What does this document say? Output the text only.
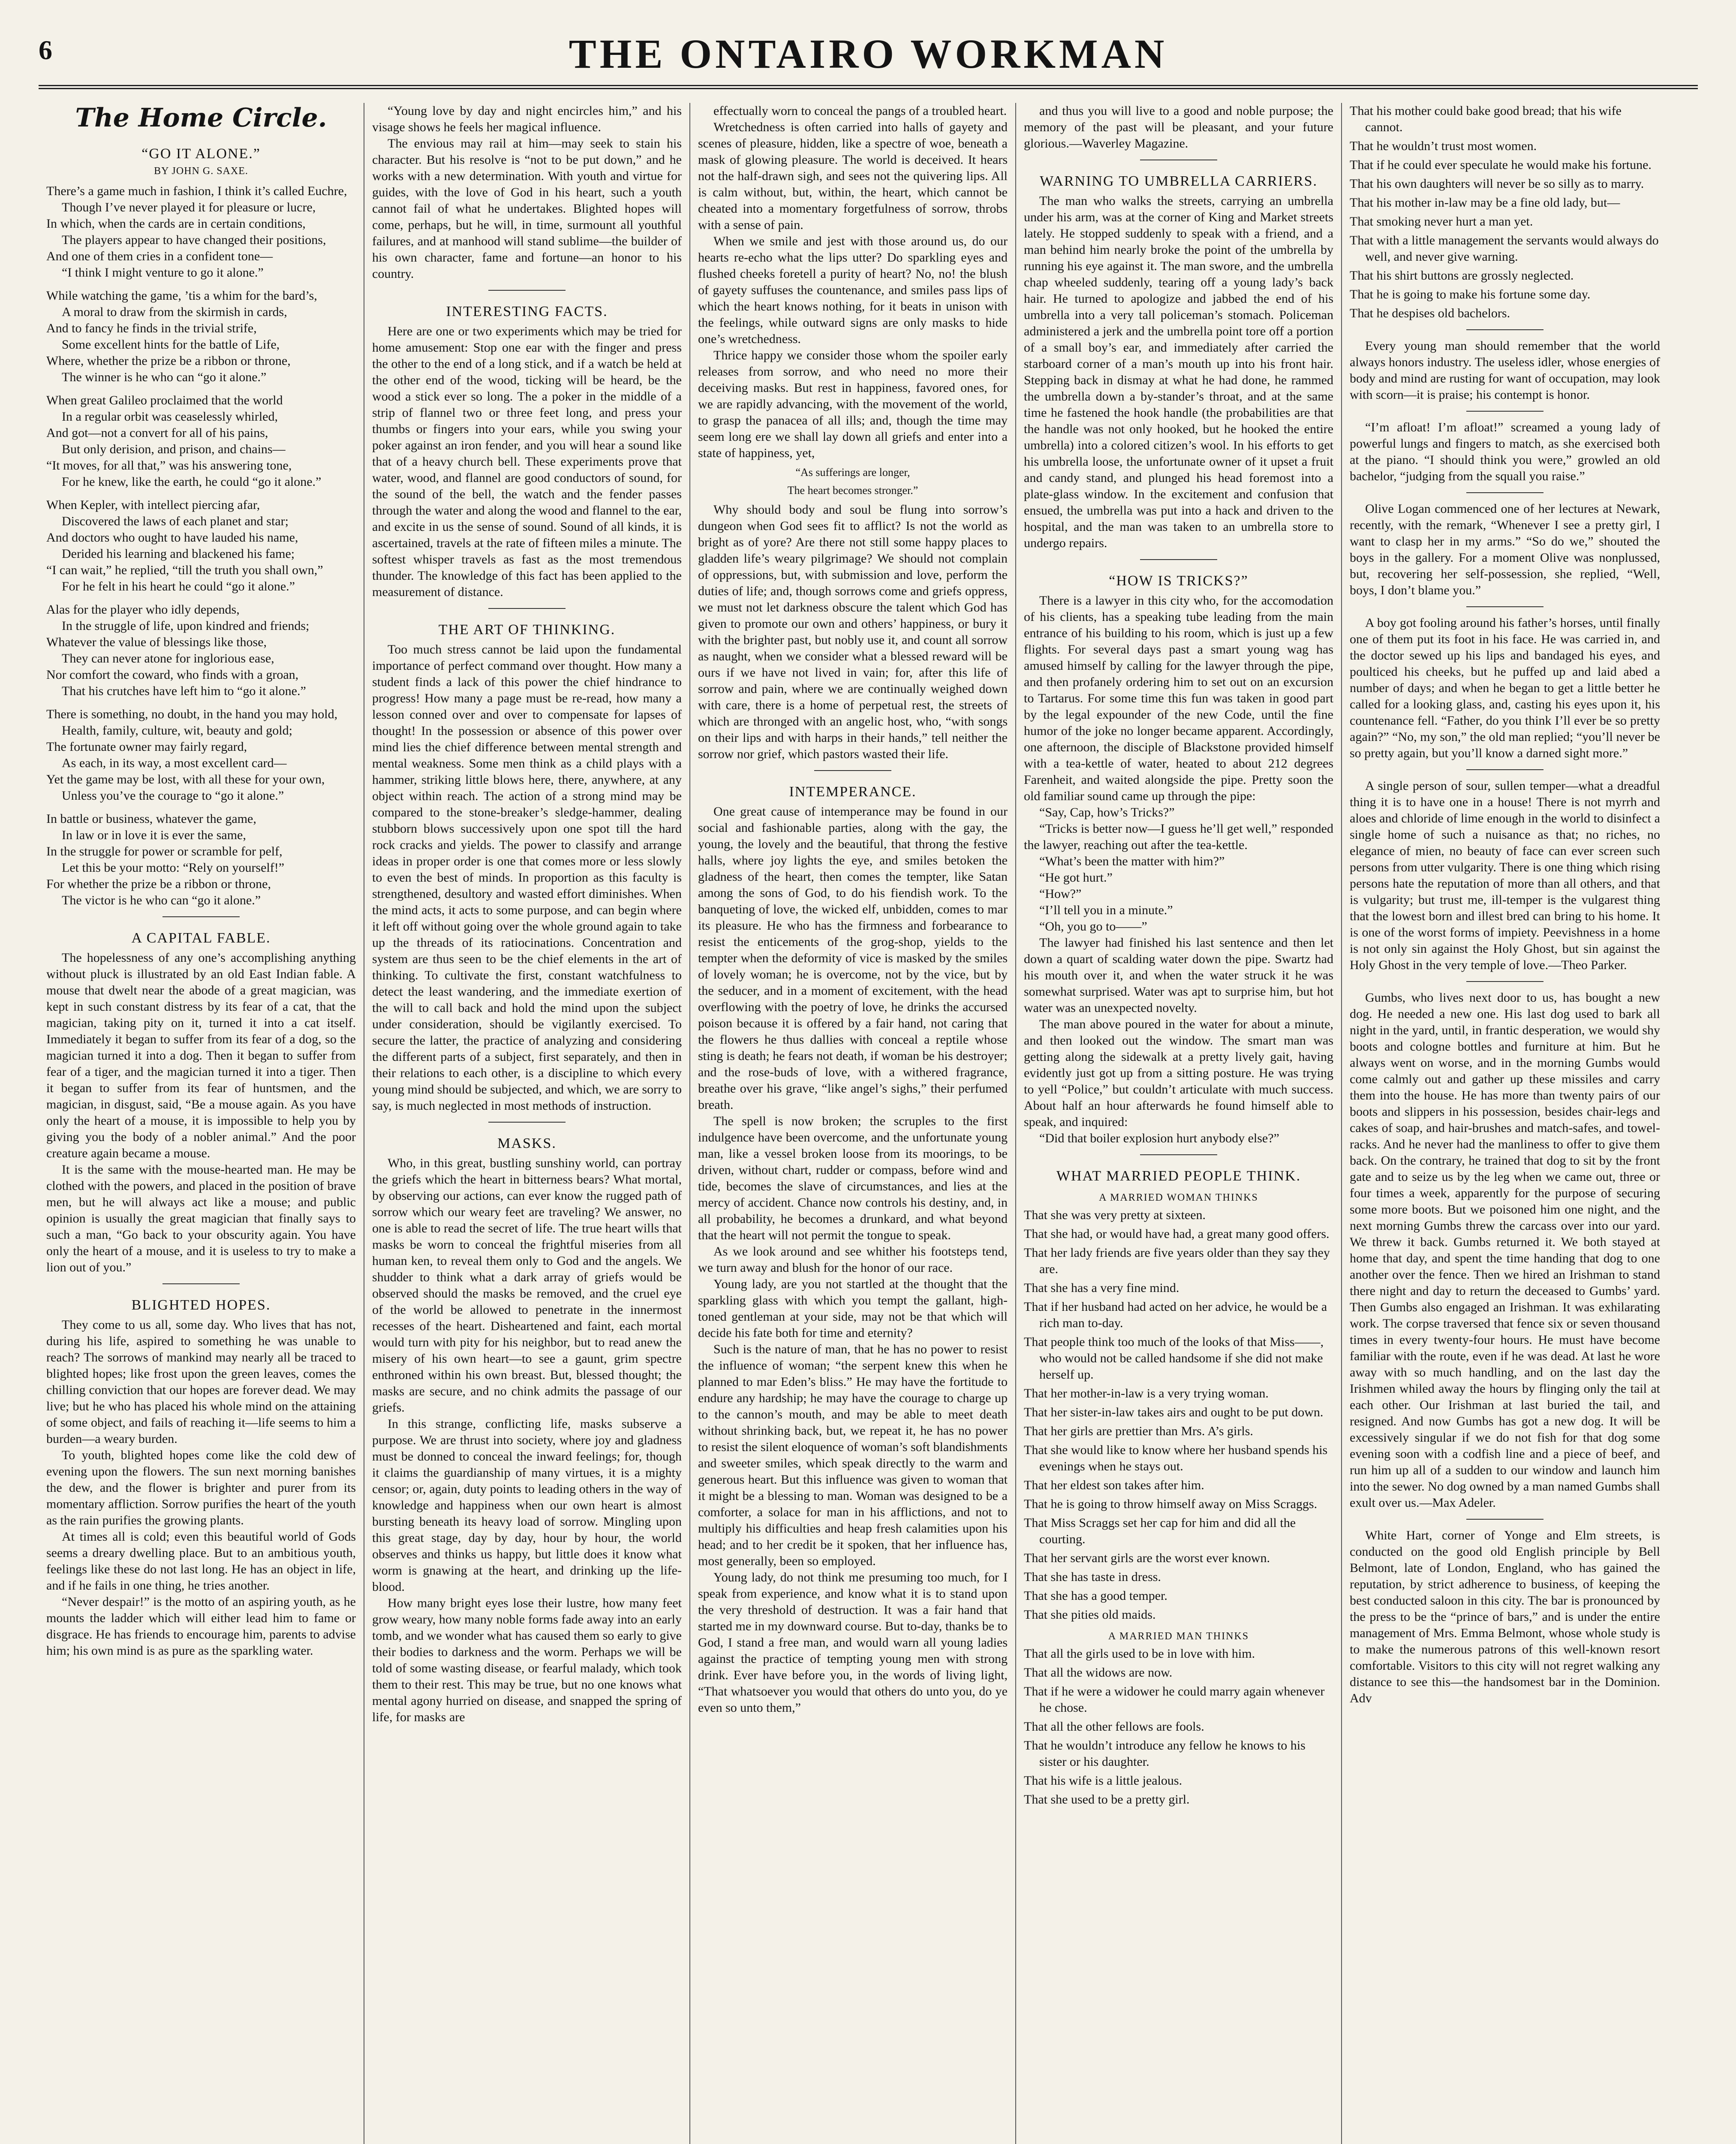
6	THE ONTAIRO WORKMAN
The Home Circle.
“GO IT ALONE.”
BY JOHN G. SAXE.

There’s a game much in fashion, I think it’s called Euchre,

Though I’ve never played it for pleasure or lucre,

In which, when the cards are in certain conditions,

The players appear to have changed their positions,

And one of them cries in a confident tone—

“I think I might venture to go it alone.”

While watching the game, ’tis a whim for the bard’s,

A moral to draw from the skirmish in cards,

And to fancy he finds in the trivial strife,

Some excellent hints for the battle of Life,

Where, whether the prize be a ribbon or throne,

The winner is he who can “go it alone.”

When great Galileo proclaimed that the world

In a regular orbit was ceaselessly whirled,

And got—not a convert for all of his pains,

But only derision, and prison, and chains—

“It moves, for all that,” was his answering tone,

For he knew, like the earth, he could “go it alone.”

When Kepler, with intellect piercing afar,

Discovered the laws of each planet and star;

And doctors who ought to have lauded his name,

Derided his learning and blackened his fame;

“I can wait,” he replied, “till the truth you shall own,”

For he felt in his heart he could “go it alone.”

Alas for the player who idly depends,

In the struggle of life, upon kindred and friends;

Whatever the value of blessings like those,

They can never atone for inglorious ease,

Nor comfort the coward, who finds with a groan,

That his crutches have left him to “go it alone.”

There is something, no doubt, in the hand you may hold,

Health, family, culture, wit, beauty and gold;

The fortunate owner may fairly regard,

As each, in its way, a most excellent card—

Yet the game may be lost, with all these for your own,

Unless you’ve the courage to “go it alone.”

In battle or business, whatever the game,

In law or in love it is ever the same,

In the struggle for power or scramble for pelf,

Let this be your motto: “Rely on yourself!”

For whether the prize be a ribbon or throne,

The victor is he who can “go it alone.”

A CAPITAL FABLE.

The hopelessness of any one’s accomplishing anything without pluck is illustrated by an old East Indian fable. A mouse that dwelt near the abode of a great magician, was kept in such constant distress by its fear of a cat, that the magician, taking pity on it, turned it into a cat itself. Immediately it began to suffer from its fear of a dog, so the magician turned it into a dog. Then it began to suffer from fear of a tiger, and the magician turned it into a tiger. Then it began to suffer from its fear of huntsmen, and the magician, in disgust, said, “Be a mouse again. As you have only the heart of a mouse, it is impossible to help you by giving you the body of a nobler animal.” And the poor creature again became a mouse.

It is the same with the mouse-hearted man. He may be clothed with the powers, and placed in the position of brave men, but he will always act like a mouse; and public opinion is usually the great magician that finally says to such a man, “Go back to your obscurity again. You have only the heart of a mouse, and it is useless to try to make a lion out of you.”

BLIGHTED HOPES.

They come to us all, some day. Who lives that has not, during his life, aspired to something he was unable to reach? The sorrows of mankind may nearly all be traced to blighted hopes; like frost upon the green leaves, comes the chilling conviction that our hopes are forever dead. We may live; but he who has placed his whole mind on the attaining of some object, and fails of reaching it—life seems to him a burden—a weary burden.

To youth, blighted hopes come like the cold dew of evening upon the flowers. The sun next morning banishes the dew, and the flower is brighter and purer from its momentary affliction. Sorrow purifies the heart of the youth as the rain purifies the growing plants.

At times all is cold; even this beautiful world of Gods seems a dreary dwelling place. But to an ambitious youth, feelings like these do not last long. He has an object in life, and if he fails in one thing, he tries another.

“Never despair!” is the motto of an aspiring youth, as he mounts the ladder which will either lead him to fame or disgrace. He has friends to encourage him, parents to advise him; his own mind is as pure as the sparkling water.

“Young love by day and night encircles him,” and his visage shows he feels her magical influence.

The envious may rail at him—may seek to stain his character. But his resolve is “not to be put down,” and he works with a new determination. With youth and virtue for guides, with the love of God in his heart, such a youth cannot fail of what he undertakes. Blighted hopes will come, perhaps, but he will, in time, surmount all youthful failures, and at manhood will stand sublime—the builder of his own character, fame and fortune—an honor to his country.

INTERESTING FACTS.

Here are one or two experiments which may be tried for home amusement: Stop one ear with the finger and press the other to the end of a long stick, and if a watch be held at the other end of the wood, ticking will be heard, be the wood a stick ever so long. The a poker in the middle of a strip of flannel two or three feet long, and press your thumbs or fingers into your ears, while you swing your poker against an iron fender, and you will hear a sound like that of a heavy church bell. These experiments prove that water, wood, and flannel are good conductors of sound, for the sound of the bell, the watch and the fender passes through the water and along the wood and flannel to the ear, and excite in us the sense of sound. Sound of all kinds, it is ascertained, travels at the rate of fifteen miles a minute. The softest whisper travels as fast as the most tremendous thunder. The knowledge of this fact has been applied to the measurement of distance.

THE ART OF THINKING.

Too much stress cannot be laid upon the fundamental importance of perfect command over thought. How many a student finds a lack of this power the chief hindrance to progress! How many a page must be re-read, how many a lesson conned over and over to compensate for lapses of thought! In the possession or absence of this power over mind lies the chief difference between mental strength and mental weakness. Some men think as a child plays with a hammer, striking little blows here, there, anywhere, at any object within reach. The action of a strong mind may be compared to the stone-breaker’s sledge-hammer, dealing stubborn blows successively upon one spot till the hard rock cracks and yields. The power to classify and arrange ideas in proper order is one that comes more or less slowly to even the best of minds. In proportion as this faculty is strengthened, desultory and wasted effort diminishes. When the mind acts, it acts to some purpose, and can begin where it left off without going over the whole ground again to take up the threads of its ratiocinations. Concentration and system are thus seen to be the chief elements in the art of thinking. To cultivate the first, constant watchfulness to detect the least wandering, and the immediate exertion of the will to call back and hold the mind upon the subject under consideration, should be vigilantly exercised. To secure the latter, the practice of analyzing and considering the different parts of a subject, first separately, and then in their relations to each other, is a discipline to which every young mind should be subjected, and which, we are sorry to say, is much neglected in most methods of instruction.

MASKS.

Who, in this great, bustling sunshiny world, can portray the griefs which the heart in bitterness bears? What mortal, by observing our actions, can ever know the rugged path of sorrow which our weary feet are traveling? We answer, no one is able to read the secret of life. The true heart wills that masks be worn to conceal the frightful miseries from all human ken, to reveal them only to God and the angels. We shudder to think what a dark array of griefs would be observed should the masks be removed, and the cruel eye of the world be allowed to penetrate in the innermost recesses of the heart. Disheartened and faint, each mortal would turn with pity for his neighbor, but to read anew the misery of his own heart—to see a gaunt, grim spectre enthroned within his own breast. But, blessed thought; the masks are secure, and no chink admits the passage of our griefs.

In this strange, conflicting life, masks subserve a purpose. We are thrust into society, where joy and gladness must be donned to conceal the inward feelings; for, though it claims the guardianship of many virtues, it is a mighty censor; or, again, duty points to leading others in the way of knowledge and happiness when our own heart is almost bursting beneath its heavy load of sorrow. Mingling upon this great stage, day by day, hour by hour, the world observes and thinks us happy, but little does it know what worm is gnawing at the heart, and drinking up the life-blood.

How many bright eyes lose their lustre, how many feet grow weary, how many noble forms fade away into an early tomb, and we wonder what has caused them so early to give their bodies to darkness and the worm. Perhaps we will be told of some wasting disease, or fearful malady, which took them to their rest. This may be true, but no one knows what mental agony hurried on disease, and snapped the spring of life, for masks are

effectually worn to conceal the pangs of a troubled heart.

Wretchedness is often carried into halls of gayety and scenes of pleasure, hidden, like a spectre of woe, beneath a mask of glowing pleasure. The world is deceived. It hears not the half-drawn sigh, and sees not the quivering lips. All is calm without, but, within, the heart, which cannot be cheated into a momentary forgetfulness of sorrow, throbs with a sense of pain.

When we smile and jest with those around us, do our hearts re-echo what the lips utter? Do sparkling eyes and flushed cheeks foretell a purity of heart? No, no! the blush of gayety suffuses the countenance, and smiles pass lips of which the heart knows nothing, for it beats in unison with the feelings, while outward signs are only masks to hide one’s wretchedness.

Thrice happy we consider those whom the spoiler early releases from sorrow, and who need no more their deceiving masks. But rest in happiness, favored ones, for we are rapidly advancing, with the movement of the world, to grasp the panacea of all ills; and, though the time may seem long ere we shall lay down all griefs and enter into a state of happiness, yet,

“As sufferings are longer,
The heart becomes stronger.”

Why should body and soul be flung into sorrow’s dungeon when God sees fit to afflict? Is not the world as bright as of yore? Are there not still some happy places to gladden life’s weary pilgrimage? We should not complain of oppressions, but, with submission and love, perform the duties of life; and, though sorrows come and griefs oppress, we must not let darkness obscure the talent which God has given to promote our own and others’ happiness, or bury it with the brighter past, but nobly use it, and count all sorrow as naught, when we consider what a blessed reward will be ours if we have not lived in vain; for, after this life of sorrow and pain, where we are continually weighed down with care, there is a home of perpetual rest, the streets of which are thronged with an angelic host, who, “with songs on their lips and with harps in their hands,” tell neither the sorrow nor grief, which pastors wasted their life.

INTEMPERANCE.

One great cause of intemperance may be found in our social and fashionable parties, along with the gay, the young, the lovely and the beautiful, that throng the festive halls, where joy lights the eye, and smiles betoken the gladness of the heart, then comes the tempter, like Satan among the sons of God, to do his fiendish work. To the banqueting of love, the wicked elf, unbidden, comes to mar its pleasure. He who has the firmness and forbearance to resist the enticements of the grog-shop, yields to the tempter when the deformity of vice is masked by the smiles of lovely woman; he is overcome, not by the vice, but by the seducer, and in a moment of excitement, with the head overflowing with the poetry of love, he drinks the accursed poison because it is offered by a fair hand, not caring that the flowers he thus dallies with conceal a reptile whose sting is death; he fears not death, if woman be his destroyer; and the rose-buds of love, with a withered fragrance, breathe over his grave, “like angel’s sighs,” their perfumed breath.

The spell is now broken; the scruples to the first indulgence have been overcome, and the unfortunate young man, like a vessel broken loose from its moorings, to be driven, without chart, rudder or compass, before wind and tide, becomes the slave of circumstances, and lies at the mercy of accident. Chance now controls his destiny, and, in all probability, he becomes a drunkard, and what beyond that the heart will not permit the tongue to speak.

As we look around and see whither his footsteps tend, we turn away and blush for the honor of our race.

Young lady, are you not startled at the thought that the sparkling glass with which you tempt the gallant, high-toned gentleman at your side, may not be that which will decide his fate both for time and eternity?

Such is the nature of man, that he has no power to resist the influence of woman; “the serpent knew this when he planned to mar Eden’s bliss.” He may have the fortitude to endure any hardship; he may have the courage to charge up to the cannon’s mouth, and may be able to meet death without shrinking back, but, we repeat it, he has no power to resist the silent eloquence of woman’s soft blandishments and sweeter smiles, which speak directly to the warm and generous heart. But this influence was given to woman that it might be a blessing to man. Woman was designed to be a comforter, a solace for man in his afflictions, and not to multiply his difficulties and heap fresh calamities upon his head; and to her credit be it spoken, that her influence has, most generally, been so employed.

Young lady, do not think me presuming too much, for I speak from experience, and know what it is to stand upon the very threshold of destruction. It was a fair hand that started me in my downward course. But to-day, thanks be to God, I stand a free man, and would warn all young ladies against the practice of tempting young men with strong drink. Ever have before you, in the words of living light, “That whatsoever you would that others do unto you, do ye even so unto them,”

and thus you will live to a good and noble purpose; the memory of the past will be pleasant, and your future glorious.—Waverley Magazine.

WARNING TO UMBRELLA CARRIERS.

The man who walks the streets, carrying an umbrella under his arm, was at the corner of King and Market streets lately. He stopped suddenly to speak with a friend, and a man behind him nearly broke the point of the umbrella by running his eye against it. The man swore, and the umbrella chap wheeled suddenly, tearing off a young lady’s back hair. He turned to apologize and jabbed the end of his umbrella into a very tall policeman’s stomach. Policeman administered a jerk and the umbrella point tore off a portion of a small boy’s ear, and immediately after carried the starboard corner of a man’s mouth up into his front hair. Stepping back in dismay at what he had done, he rammed the umbrella down a by-stander’s throat, and at the same time he fastened the hook handle (the probabilities are that the handle was not only hooked, but he hooked the entire umbrella) into a colored citizen’s wool. In his efforts to get his umbrella loose, the unfortunate owner of it upset a fruit and candy stand, and plunged his head foremost into a plate-glass window. In the excitement and confusion that ensued, the umbrella was put into a hack and driven to the hospital, and the man was taken to an umbrella store to undergo repairs.

“HOW IS TRICKS?”

There is a lawyer in this city who, for the accomodation of his clients, has a speaking tube leading from the main entrance of his building to his room, which is just up a few flights. For several days past a smart young wag has amused himself by calling for the lawyer through the pipe, and then profanely ordering him to set out on an excursion to Tartarus. For some time this fun was taken in good part by the legal expounder of the new Code, until the fine humor of the joke no longer became apparent. Accordingly, one afternoon, the disciple of Blackstone provided himself with a tea-kettle of water, heated to about 212 degrees Farenheit, and waited alongside the pipe. Pretty soon the old familiar sound came up through the pipe:

“Say, Cap, how’s Tricks?”

“Tricks is better now—I guess he’ll get well,” responded the lawyer, reaching out after the tea-kettle.

“What’s been the matter with him?”

“He got hurt.”

“How?”

“I’ll tell you in a minute.”

“Oh, you go to——”

The lawyer had finished his last sentence and then let down a quart of scalding water down the pipe. Swartz had his mouth over it, and when the water struck it he was somewhat surprised. Water was apt to surprise him, but hot water was an unexpected novelty.

The man above poured in the water for about a minute, and then looked out the window. The smart man was getting along the sidewalk at a pretty lively gait, having evidently just got up from a sitting posture. He was trying to yell “Police,” but couldn’t articulate with much success. About half an hour afterwards he found himself able to speak, and inquired:

“Did that boiler explosion hurt anybody else?”

WHAT MARRIED PEOPLE THINK.
A MARRIED WOMAN THINKS

That she was very pretty at sixteen.

That she had, or would have had, a great many good offers.

That her lady friends are five years older than they say they are.

That she has a very fine mind.

That if her husband had acted on her advice, he would be a rich man to-day.

That people think too much of the looks of that Miss——, who would not be called handsome if she did not make herself up.

That her mother-in-law is a very trying woman.

That her sister-in-law takes airs and ought to be put down.

That her girls are prettier than Mrs. A’s girls.

That she would like to know where her husband spends his evenings when he stays out.

That her eldest son takes after him.

That he is going to throw himself away on Miss Scraggs.

That Miss Scraggs set her cap for him and did all the courting.

That her servant girls are the worst ever known.

That she has taste in dress.

That she has a good temper.

That she pities old maids.

A MARRIED MAN THINKS

That all the girls used to be in love with him.

That all the widows are now.

That if he were a widower he could marry again whenever he chose.

That all the other fellows are fools.

That he wouldn’t introduce any fellow he knows to his sister or his daughter.

That his wife is a little jealous.

That she used to be a pretty girl.

That his mother could bake good bread; that his wife cannot.

That he wouldn’t trust most women.

That if he could ever speculate he would make his fortune.

That his own daughters will never be so silly as to marry.

That his mother in-law may be a fine old lady, but—

That smoking never hurt a man yet.

That with a little management the servants would always do well, and never give warning.

That his shirt buttons are grossly neglected.

That he is going to make his fortune some day.

That he despises old bachelors.

Every young man should remember that the world always honors industry. The useless idler, whose energies of body and mind are rusting for want of occupation, may look with scorn—it is praise; his contempt is honor.

“I’m afloat! I’m afloat!” screamed a young lady of powerful lungs and fingers to match, as she exercised both at the piano. “I should think you were,” growled an old bachelor, “judging from the squall you raise.”

Olive Logan commenced one of her lectures at Newark, recently, with the remark, “Whenever I see a pretty girl, I want to clasp her in my arms.” “So do we,” shouted the boys in the gallery. For a moment Olive was nonplussed, but, recovering her self-possession, she replied, “Well, boys, I don’t blame you.”

A boy got fooling around his father’s horses, until finally one of them put its foot in his face. He was carried in, and the doctor sewed up his lips and bandaged his eyes, and poulticed his cheeks, but he puffed up and laid abed a number of days; and when he began to get a little better he called for a looking glass, and, casting his eyes upon it, his countenance fell. “Father, do you think I’ll ever be so pretty again?” “No, my son,” the old man replied; “you’ll never be so pretty again, but you’ll know a darned sight more.”

A single person of sour, sullen temper—what a dreadful thing it is to have one in a house! There is not myrrh and aloes and chloride of lime enough in the world to disinfect a single home of such a nuisance as that; no riches, no elegance of mien, no beauty of face can ever screen such persons from utter vulgarity. There is one thing which rising persons hate the reputation of more than all others, and that is vulgarity; but trust me, ill-temper is the vulgarest thing that the lowest born and illest bred can bring to his home. It is one of the worst forms of impiety. Peevishness in a home is not only sin against the Holy Ghost, but sin against the Holy Ghost in the very temple of love.—Theo Parker.

Gumbs, who lives next door to us, has bought a new dog. He needed a new one. His last dog used to bark all night in the yard, until, in frantic desperation, we would shy boots and cologne bottles and furniture at him. But he always went on worse, and in the morning Gumbs would come calmly out and gather up these missiles and carry them into the house. He has more than twenty pairs of our boots and slippers in his possession, besides chair-legs and cakes of soap, and hair-brushes and match-safes, and towel-racks. And he never had the manliness to offer to give them back. On the contrary, he trained that dog to sit by the front gate and to seize us by the leg when we came out, three or four times a week, apparently for the purpose of securing some more boots. But we poisoned him one night, and the next morning Gumbs threw the carcass over into our yard. We threw it back. Gumbs returned it. We both stayed at home that day, and spent the time handing that dog to one another over the fence. Then we hired an Irishman to stand there night and day to return the deceased to Gumbs’ yard. Then Gumbs also engaged an Irishman. It was exhilarating work. The corpse traversed that fence six or seven thousand times in every twenty-four hours. He must have become familiar with the route, even if he was dead. At last he wore away with so much handling, and on the last day the Irishmen whiled away the hours by flinging only the tail at each other. Our Irishman at last buried the tail, and resigned. And now Gumbs has got a new dog. It will be excessively singular if we do not fish for that dog some evening soon with a codfish line and a piece of beef, and run him up all of a sudden to our window and launch him into the sewer. No dog owned by a man named Gumbs shall exult over us.—Max Adeler.

White Hart, corner of Yonge and Elm streets, is conducted on the good old English principle by Bell Belmont, late of London, England, who has gained the reputation, by strict adherence to business, of keeping the best conducted saloon in this city. The bar is pronounced by the press to be the “prince of bars,” and is under the entire management of Mrs. Emma Belmont, whose whole study is to make the numerous patrons of this well-known resort comfortable. Visitors to this city will not regret walking any distance to see this—the handsomest bar in the Dominion. Adv
